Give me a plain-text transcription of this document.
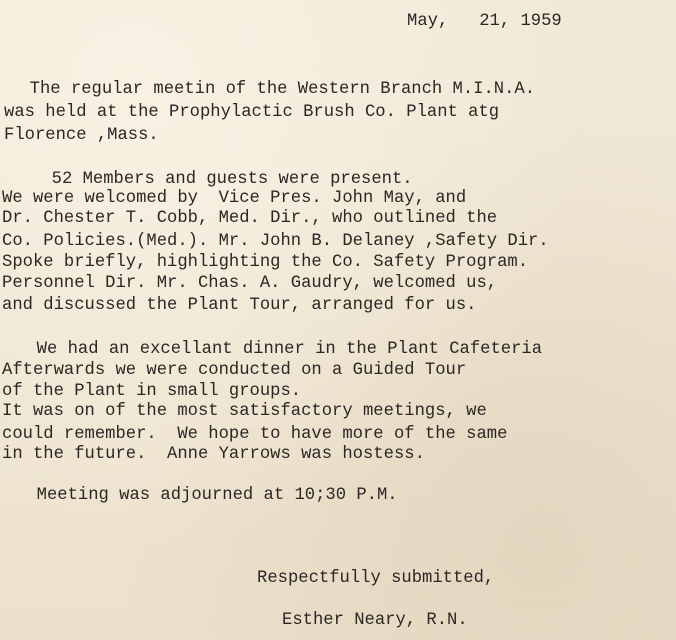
May,   21, 1959
The regular meetin of the Western Branch M.I.N.A.
was held at the Prophylactic Brush Co. Plant atg
Florence ,Mass.
52 Members and guests were present.
We were welcomed by  Vice Pres. John May, and
Dr. Chester T. Cobb, Med. Dir., who outlined the
Co. Policies.(Med.). Mr. John B. Delaney ,Safety Dir.
Spoke briefly, highlighting the Co. Safety Program.
Personnel Dir. Mr. Chas. A. Gaudry, welcomed us,
and discussed the Plant Tour, arranged for us.
We had an excellant dinner in the Plant Cafeteria
Afterwards we were conducted on a Guided Tour
of the Plant in small groups.
It was on of the most satisfactory meetings, we
could remember.  We hope to have more of the same
in the future.  Anne Yarrows was hostess.
Meeting was adjourned at 10;30 P.M.
Respectfully submitted,
Esther Neary, R.N.
